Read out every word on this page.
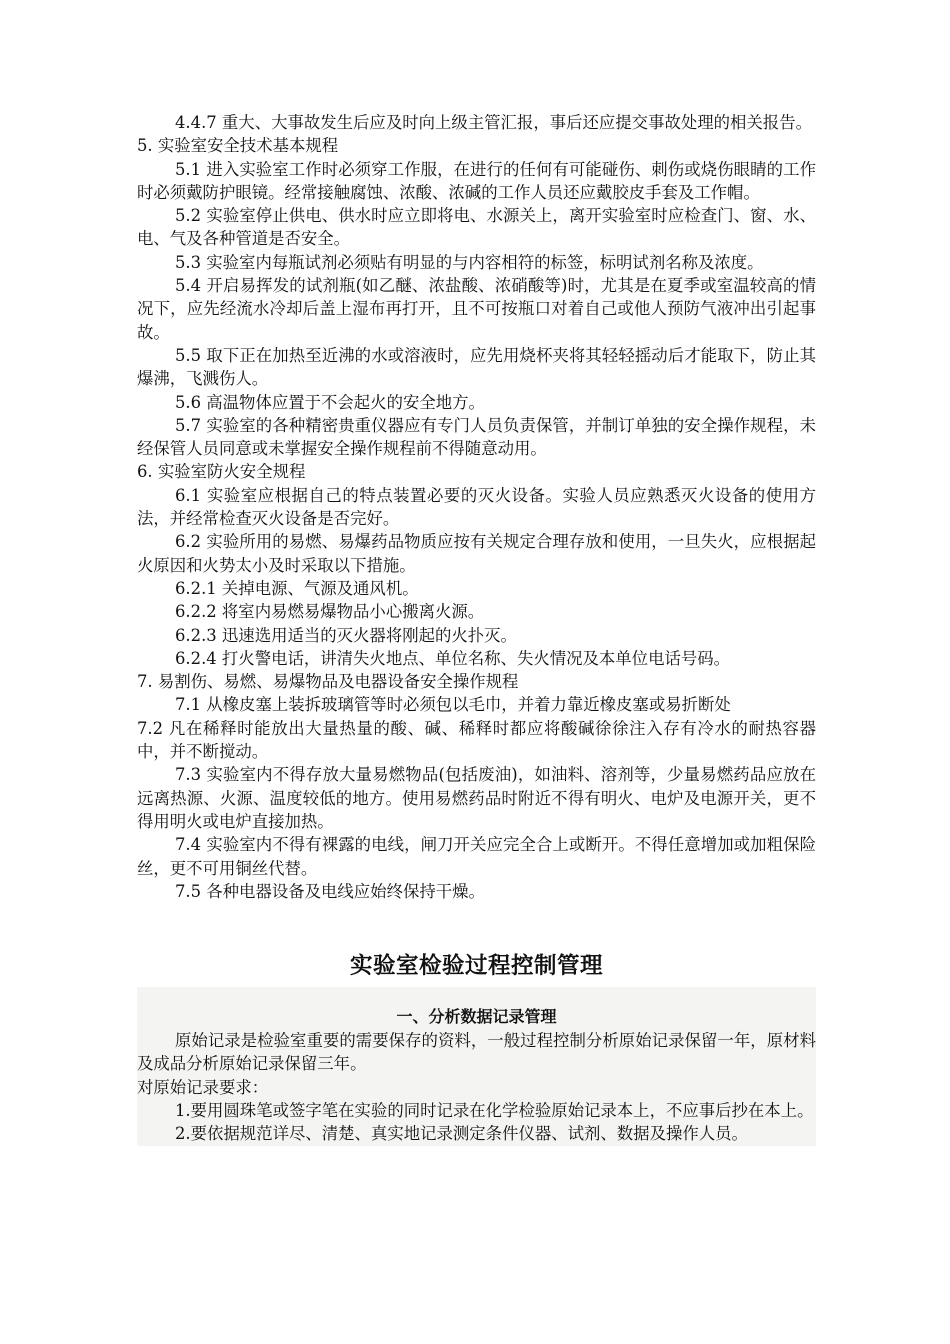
4.4.7 重大、大事故发生后应及时向上级主管汇报，事后还应提交事故处理的相关报告。

5. 实验室安全技术基本规程

5.1 进入实验室工作时必须穿工作服，在进行的任何有可能碰伤、刺伤或烧伤眼睛的工作时必须戴防护眼镜。经常接触腐蚀、浓酸、浓碱的工作人员还应戴胶皮手套及工作帽。

5.2 实验室停止供电、供水时应立即将电、水源关上，离开实验室时应检查门、窗、水、电、气及各种管道是否安全。

5.3 实验室内每瓶试剂必须贴有明显的与内容相符的标签，标明试剂名称及浓度。

5.4 开启易挥发的试剂瓶(如乙醚、浓盐酸、浓硝酸等)时，尤其是在夏季或室温较高的情况下，应先经流水冷却后盖上湿布再打开，且不可按瓶口对着自己或他人预防气液冲出引起事故。

5.5 取下正在加热至近沸的水或溶液时，应先用烧杯夹将其轻轻摇动后才能取下，防止其爆沸，飞溅伤人。

5.6 高温物体应置于不会起火的安全地方。

5.7 实验室的各种精密贵重仪器应有专门人员负责保管，并制订单独的安全操作规程，未经保管人员同意或未掌握安全操作规程前不得随意动用。

6. 实验室防火安全规程

6.1 实验室应根据自己的特点装置必要的灭火设备。实验人员应熟悉灭火设备的使用方法，并经常检查灭火设备是否完好。

6.2 实验所用的易燃、易爆药品物质应按有关规定合理存放和使用，一旦失火，应根据起火原因和火势太小及时采取以下措施。

6.2.1 关掉电源、气源及通风机。

6.2.2 将室内易燃易爆物品小心搬离火源。

6.2.3 迅速选用适当的灭火器将刚起的火扑灭。

6.2.4 打火警电话，讲清失火地点、单位名称、失火情况及本单位电话号码。

7. 易割伤、易燃、易爆物品及电器设备安全操作规程

7.1 从橡皮塞上装拆玻璃管等时必须包以毛巾，并着力靠近橡皮塞或易折断处

7.2 凡在稀释时能放出大量热量的酸、碱、稀释时都应将酸碱徐徐注入存有冷水的耐热容器中，并不断搅动。

7.3 实验室内不得存放大量易燃物品(包括废油)，如油料、溶剂等，少量易燃药品应放在远离热源、火源、温度较低的地方。使用易燃药品时附近不得有明火、电炉及电源开关，更不得用明火或电炉直接加热。

7.4 实验室内不得有裸露的电线，闸刀开关应完全合上或断开。不得任意增加或加粗保险丝，更不可用铜丝代替。

7.5 各种电器设备及电线应始终保持干燥。

实验室检验过程控制管理
一、分析数据记录管理

原始记录是检验室重要的需要保存的资料，一般过程控制分析原始记录保留一年，原材料及成品分析原始记录保留三年。

对原始记录要求：

1.要用圆珠笔或签字笔在实验的同时记录在化学检验原始记录本上，不应事后抄在本上。

2.要依据规范详尽、清楚、真实地记录测定条件仪器、试剂、数据及操作人员。
